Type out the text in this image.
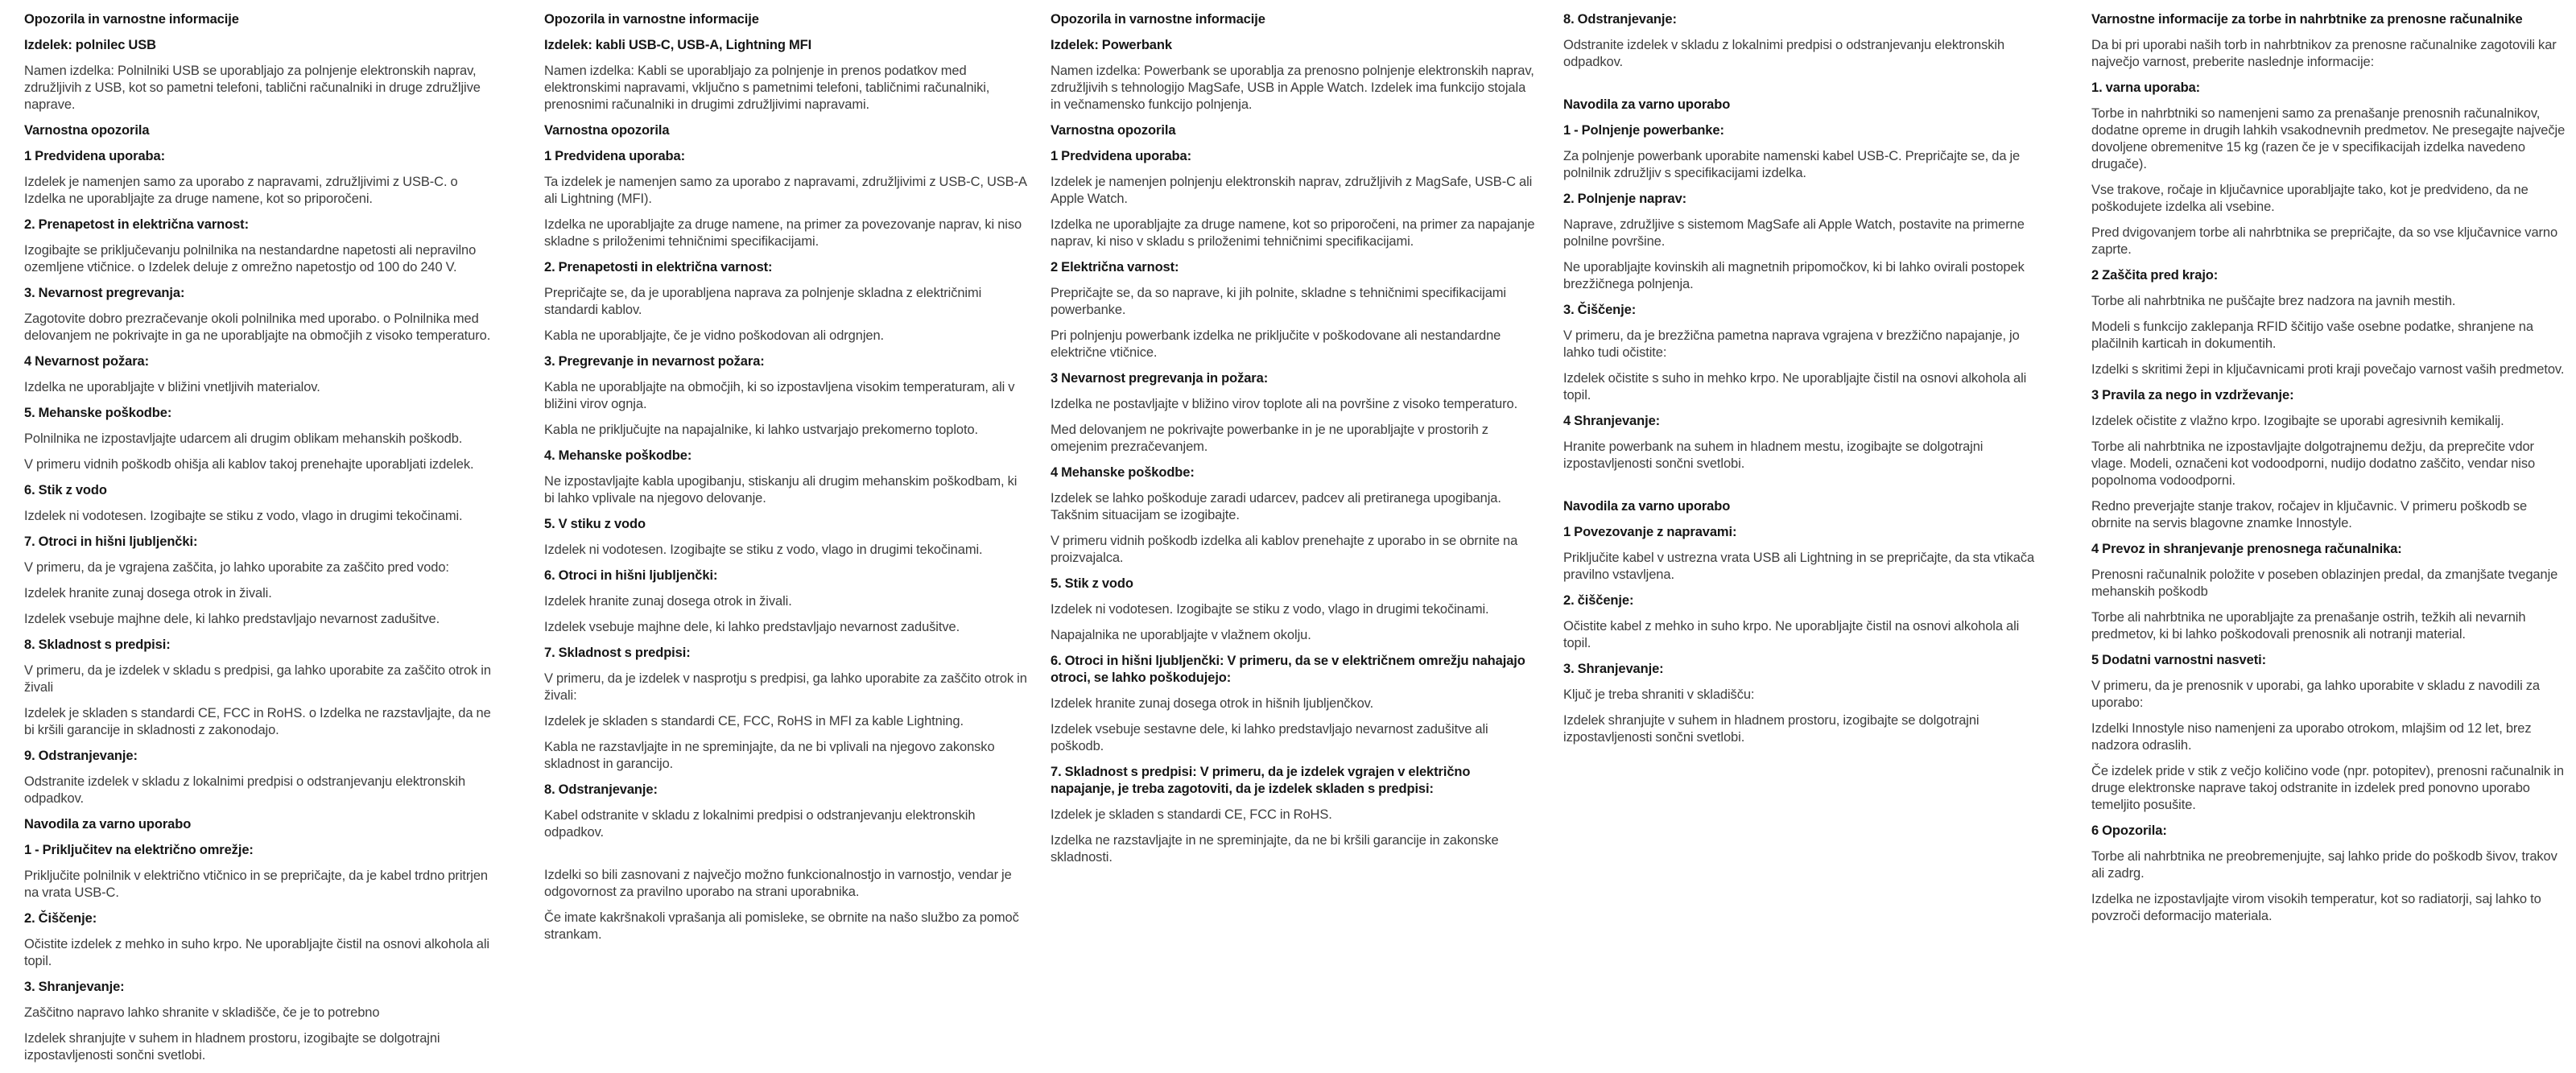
Opozorila in varnostne informacije
Izdelek: polnilec USB
Namen izdelka: Polnilniki USB se uporabljajo za polnjenje elektronskih naprav, združljivih z USB, kot so pametni telefoni, tablični računalniki in druge združljive naprave.
Varnostna opozorila
1 Predvidena uporaba:
Izdelek je namenjen samo za uporabo z napravami, združljivimi z USB-C. o Izdelka ne uporabljajte za druge namene, kot so priporočeni.
2. Prenapetost in električna varnost:
Izogibajte se priključevanju polnilnika na nestandardne napetosti ali nepravilno ozemljene vtičnice. o Izdelek deluje z omrežno napetostjo od 100 do 240 V.
3. Nevarnost pregrevanja:
Zagotovite dobro prezračevanje okoli polnilnika med uporabo. o Polnilnika med delovanjem ne pokrivajte in ga ne uporabljajte na območjih z visoko temperaturo.
4 Nevarnost požara:
Izdelka ne uporabljajte v bližini vnetljivih materialov.
5. Mehanske poškodbe:
Polnilnika ne izpostavljajte udarcem ali drugim oblikam mehanskih poškodb.
V primeru vidnih poškodb ohišja ali kablov takoj prenehajte uporabljati izdelek.
6. Stik z vodo
Izdelek ni vodotesen. Izogibajte se stiku z vodo, vlago in drugimi tekočinami.
7. Otroci in hišni ljubljenčki:
V primeru, da je vgrajena zaščita, jo lahko uporabite za zaščito pred vodo:
Izdelek hranite zunaj dosega otrok in živali.
Izdelek vsebuje majhne dele, ki lahko predstavljajo nevarnost zadušitve.
8. Skladnost s predpisi:
V primeru, da je izdelek v skladu s predpisi, ga lahko uporabite za zaščito otrok in živali
Izdelek je skladen s standardi CE, FCC in RoHS. o Izdelka ne razstavljajte, da ne bi kršili garancije in skladnosti z zakonodajo.
9. Odstranjevanje:
Odstranite izdelek v skladu z lokalnimi predpisi o odstranjevanju elektronskih odpadkov.
Navodila za varno uporabo
1 - Priključitev na električno omrežje:
Priključite polnilnik v električno vtičnico in se prepričajte, da je kabel trdno pritrjen na vrata USB-C.
2. Čiščenje:
Očistite izdelek z mehko in suho krpo. Ne uporabljajte čistil na osnovi alkohola ali topil.
3. Shranjevanje:
Zaščitno napravo lahko shranite v skladišče, če je to potrebno
Izdelek shranjujte v suhem in hladnem prostoru, izogibajte se dolgotrajni izpostavljenosti sončni svetlobi.
Opozorila in varnostne informacije
Izdelek: kabli USB-C, USB-A, Lightning MFI
Namen izdelka: Kabli se uporabljajo za polnjenje in prenos podatkov med elektronskimi napravami, vključno s pametnimi telefoni, tabličnimi računalniki, prenosnimi računalniki in drugimi združljivimi napravami.
Varnostna opozorila
1 Predvidena uporaba:
Ta izdelek je namenjen samo za uporabo z napravami, združljivimi z USB-C, USB-A ali Lightning (MFI).
Izdelka ne uporabljajte za druge namene, na primer za povezovanje naprav, ki niso skladne s priloženimi tehničnimi specifikacijami.
2. Prenapetosti in električna varnost:
Prepričajte se, da je uporabljena naprava za polnjenje skladna z električnimi standardi kablov.
Kabla ne uporabljajte, če je vidno poškodovan ali odrgnjen.
3. Pregrevanje in nevarnost požara:
Kabla ne uporabljajte na območjih, ki so izpostavljena visokim temperaturam, ali v bližini virov ognja.
Kabla ne priključujte na napajalnike, ki lahko ustvarjajo prekomerno toploto.
4. Mehanske poškodbe:
Ne izpostavljajte kabla upogibanju, stiskanju ali drugim mehanskim poškodbam, ki bi lahko vplivale na njegovo delovanje.
5. V stiku z vodo
Izdelek ni vodotesen. Izogibajte se stiku z vodo, vlago in drugimi tekočinami.
6. Otroci in hišni ljubljenčki:
Izdelek hranite zunaj dosega otrok in živali.
Izdelek vsebuje majhne dele, ki lahko predstavljajo nevarnost zadušitve.
7. Skladnost s predpisi:
V primeru, da je izdelek v nasprotju s predpisi, ga lahko uporabite za zaščito otrok in živali:
Izdelek je skladen s standardi CE, FCC, RoHS in MFI za kable Lightning.
Kabla ne razstavljajte in ne spreminjajte, da ne bi vplivali na njegovo zakonsko skladnost in garancijo.
8. Odstranjevanje:
Kabel odstranite v skladu z lokalnimi predpisi o odstranjevanju elektronskih odpadkov.
Izdelki so bili zasnovani z največjo možno funkcionalnostjo in varnostjo, vendar je odgovornost za pravilno uporabo na strani uporabnika.
Če imate kakršnakoli vprašanja ali pomisleke, se obrnite na našo službo za pomoč strankam.
Opozorila in varnostne informacije
Izdelek: Powerbank
Namen izdelka: Powerbank se uporablja za prenosno polnjenje elektronskih naprav, združljivih s tehnologijo MagSafe, USB in Apple Watch. Izdelek ima funkcijo stojala in večnamensko funkcijo polnjenja.
Varnostna opozorila
1 Predvidena uporaba:
Izdelek je namenjen polnjenju elektronskih naprav, združljivih z MagSafe, USB-C ali Apple Watch.
Izdelka ne uporabljajte za druge namene, kot so priporočeni, na primer za napajanje naprav, ki niso v skladu s priloženimi tehničnimi specifikacijami.
2 Električna varnost:
Prepričajte se, da so naprave, ki jih polnite, skladne s tehničnimi specifikacijami powerbanke.
Pri polnjenju powerbank izdelka ne priključite v poškodovane ali nestandardne električne vtičnice.
3 Nevarnost pregrevanja in požara:
Izdelka ne postavljajte v bližino virov toplote ali na površine z visoko temperaturo.
Med delovanjem ne pokrivajte powerbanke in je ne uporabljajte v prostorih z omejenim prezračevanjem.
4 Mehanske poškodbe:
Izdelek se lahko poškoduje zaradi udarcev, padcev ali pretiranega upogibanja. Takšnim situacijam se izogibajte.
V primeru vidnih poškodb izdelka ali kablov prenehajte z uporabo in se obrnite na proizvajalca.
5. Stik z vodo
Izdelek ni vodotesen. Izogibajte se stiku z vodo, vlago in drugimi tekočinami.
Napajalnika ne uporabljajte v vlažnem okolju.
6. Otroci in hišni ljubljenčki: V primeru, da se v električnem omrežju nahajajo otroci, se lahko poškodujejo:
Izdelek hranite zunaj dosega otrok in hišnih ljubljenčkov.
Izdelek vsebuje sestavne dele, ki lahko predstavljajo nevarnost zadušitve ali poškodb.
7. Skladnost s predpisi: V primeru, da je izdelek vgrajen v električno napajanje, je treba zagotoviti, da je izdelek skladen s predpisi:
Izdelek je skladen s standardi CE, FCC in RoHS.
Izdelka ne razstavljajte in ne spreminjajte, da ne bi kršili garancije in zakonske skladnosti.
8. Odstranjevanje:
Odstranite izdelek v skladu z lokalnimi predpisi o odstranjevanju elektronskih odpadkov.
Navodila za varno uporabo
1 - Polnjenje powerbanke:
Za polnjenje powerbank uporabite namenski kabel USB-C. Prepričajte se, da je polnilnik združljiv s specifikacijami izdelka.
2. Polnjenje naprav:
Naprave, združljive s sistemom MagSafe ali Apple Watch, postavite na primerne polnilne površine.
Ne uporabljajte kovinskih ali magnetnih pripomočkov, ki bi lahko ovirali postopek brezžičnega polnjenja.
3. Čiščenje:
V primeru, da je brezžična pametna naprava vgrajena v brezžično napajanje, jo lahko tudi očistite:
Izdelek očistite s suho in mehko krpo. Ne uporabljajte čistil na osnovi alkohola ali topil.
4 Shranjevanje:
Hranite powerbank na suhem in hladnem mestu, izogibajte se dolgotrajni izpostavljenosti sončni svetlobi.
Navodila za varno uporabo
1 Povezovanje z napravami:
Priključite kabel v ustrezna vrata USB ali Lightning in se prepričajte, da sta vtikača pravilno vstavljena.
2. čiščenje:
Očistite kabel z mehko in suho krpo. Ne uporabljajte čistil na osnovi alkohola ali topil.
3. Shranjevanje:
Ključ je treba shraniti v skladišču:
Izdelek shranjujte v suhem in hladnem prostoru, izogibajte se dolgotrajni izpostavljenosti sončni svetlobi.
Varnostne informacije za torbe in nahrbtnike za prenosne računalnike
Da bi pri uporabi naših torb in nahrbtnikov za prenosne računalnike zagotovili kar največjo varnost, preberite naslednje informacije:
1. varna uporaba:
Torbe in nahrbtniki so namenjeni samo za prenašanje prenosnih računalnikov, dodatne opreme in drugih lahkih vsakodnevnih predmetov. Ne presegajte največje dovoljene obremenitve 15 kg (razen če je v specifikacijah izdelka navedeno drugače).
Vse trakove, ročaje in ključavnice uporabljajte tako, kot je predvideno, da ne poškodujete izdelka ali vsebine.
Pred dvigovanjem torbe ali nahrbtnika se prepričajte, da so vse ključavnice varno zaprte.
2 Zaščita pred krajo:
Torbe ali nahrbtnika ne puščajte brez nadzora na javnih mestih.
Modeli s funkcijo zaklepanja RFID ščitijo vaše osebne podatke, shranjene na plačilnih karticah in dokumentih.
Izdelki s skritimi žepi in ključavnicami proti kraji povečajo varnost vaših predmetov.
3 Pravila za nego in vzdrževanje:
Izdelek očistite z vlažno krpo. Izogibajte se uporabi agresivnih kemikalij.
Torbe ali nahrbtnika ne izpostavljajte dolgotrajnemu dežju, da preprečite vdor vlage. Modeli, označeni kot vodoodporni, nudijo dodatno zaščito, vendar niso popolnoma vodoodporni.
Redno preverjajte stanje trakov, ročajev in ključavnic. V primeru poškodb se obrnite na servis blagovne znamke Innostyle.
4 Prevoz in shranjevanje prenosnega računalnika:
Prenosni računalnik položite v poseben oblazinjen predal, da zmanjšate tveganje mehanskih poškodb
Torbe ali nahrbtnika ne uporabljajte za prenašanje ostrih, težkih ali nevarnih predmetov, ki bi lahko poškodovali prenosnik ali notranji material.
5 Dodatni varnostni nasveti:
V primeru, da je prenosnik v uporabi, ga lahko uporabite v skladu z navodili za uporabo:
Izdelki Innostyle niso namenjeni za uporabo otrokom, mlajšim od 12 let, brez nadzora odraslih.
Če izdelek pride v stik z večjo količino vode (npr. potopitev), prenosni računalnik in druge elektronske naprave takoj odstranite in izdelek pred ponovno uporabo temeljito posušite.
6 Opozorila:
Torbe ali nahrbtnika ne preobremenjujte, saj lahko pride do poškodb šivov, trakov ali zadrg.
Izdelka ne izpostavljajte virom visokih temperatur, kot so radiatorji, saj lahko to povzroči deformacijo materiala.
